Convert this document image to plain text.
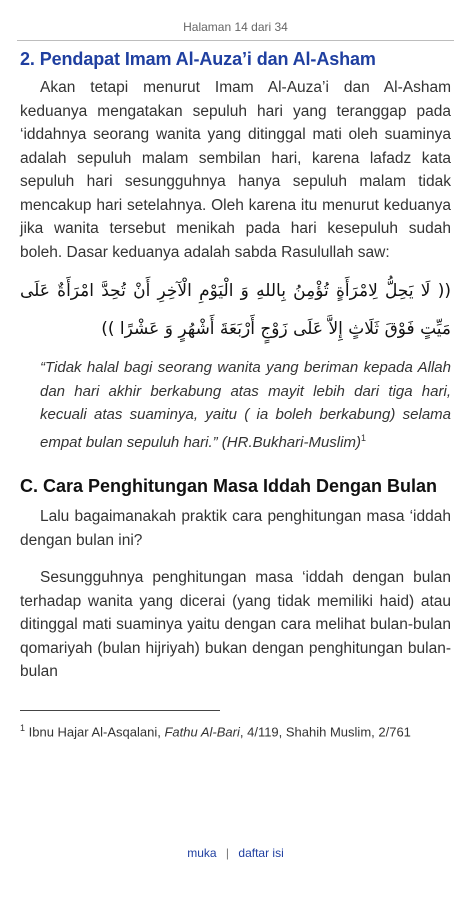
Halaman 14 dari 34
2. Pendapat Imam Al-Auza’i dan Al-Asham

Akan tetapi menurut Imam Al-Auza’i dan Al-Asham keduanya mengatakan sepuluh hari yang teranggap pada ‘iddahnya seorang wanita yang ditinggal mati oleh suaminya adalah sepuluh malam sembilan hari, karena lafadz kata sepuluh hari sesungguhnya hanya sepuluh malam tidak mencakup hari setelahnya. Oleh karena itu menurut keduanya jika wanita tersebut menikah pada hari kesepuluh sudah boleh. Dasar keduanya adalah sabda Rasulullah saw:

(( لَا يَحِلُّ لِامْرَأَةٍ تُؤْمِنُ بِاللهِ وَ الْيَوْمِ الْآخِرِ أَنْ تُحِدَّ امْرَأَةٌ عَلَى مَيِّتٍ فَوْقَ ثَلَاثٍ إِلاَّ عَلَى زَوْجٍ أَرْبَعَةَ أَشْهُرٍ وَ عَشْرًا ))

“Tidak halal bagi seorang wanita yang beriman kepada Allah dan hari akhir berkabung atas mayit lebih dari tiga hari, kecuali atas suaminya, yaitu ( ia boleh berkabung) selama empat bulan sepuluh hari.” (HR.Bukhari-Muslim)$^1$

C. Cara Penghitungan Masa Iddah Dengan Bulan

Lalu bagaimanakah praktik cara penghitungan masa ‘iddah dengan bulan ini?

Sesungguhnya penghitungan masa ‘iddah dengan bulan terhadap wanita yang dicerai (yang tidak memiliki haid) atau ditinggal mati suaminya yaitu dengan cara melihat bulan-bulan qomariyah (bulan hijriyah) bukan dengan penghitungan bulan-bulan

$^1$ Ibnu Hajar Al-Asqalani, Fathu Al-Bari, 4/119, Shahih Muslim, 2/761
muka | daftar isi
